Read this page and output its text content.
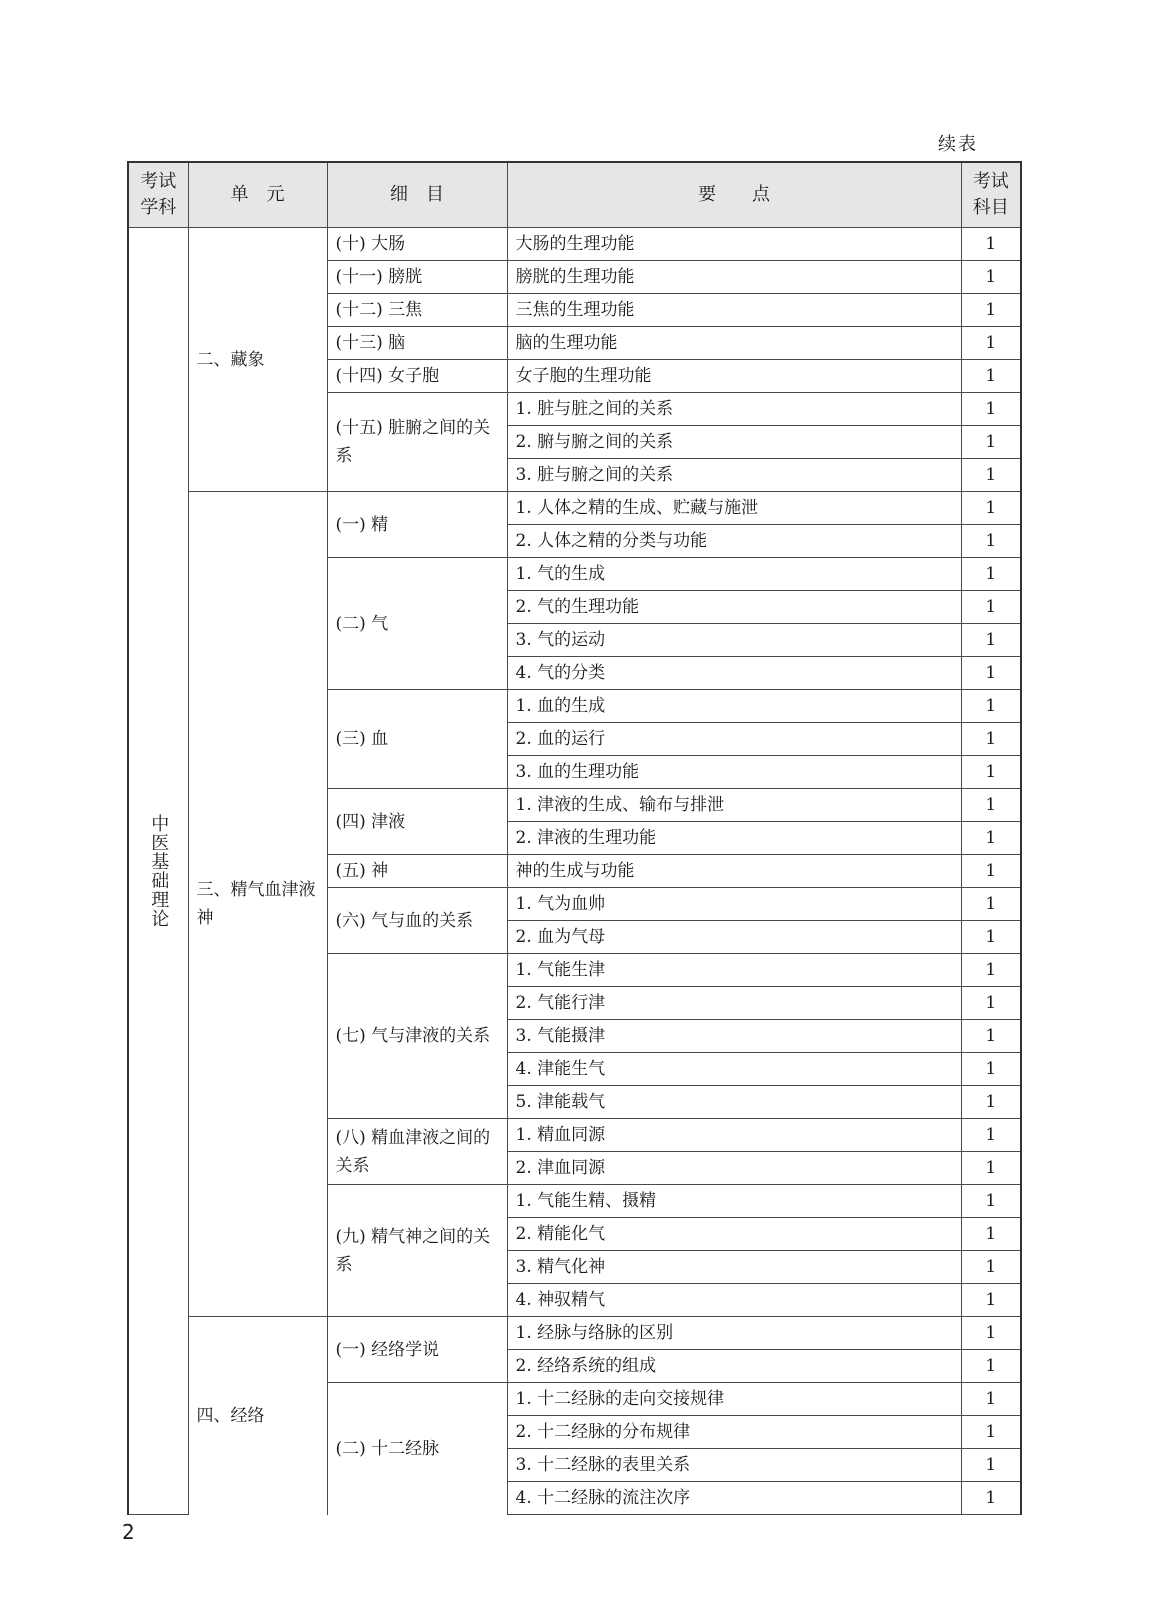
续表
考试学科	单　元	细　目	要　　点	考试科目
中医基础理论	二、藏象	(十) 大肠	大肠的生理功能	1
		(十一) 膀胱	膀胱的生理功能	1
		(十二) 三焦	三焦的生理功能	1
		(十三) 脑	脑的生理功能	1
		(十四) 女子胞	女子胞的生理功能	1
		(十五) 脏腑之间的关系	1. 脏与脏之间的关系	1
			2. 腑与腑之间的关系	1
			3. 脏与腑之间的关系	1
	三、精气血津液神	(一) 精	1. 人体之精的生成、贮藏与施泄	1
			2. 人体之精的分类与功能	1
		(二) 气	1. 气的生成	1
			2. 气的生理功能	1
			3. 气的运动	1
			4. 气的分类	1
		(三) 血	1. 血的生成	1
			2. 血的运行	1
			3. 血的生理功能	1
		(四) 津液	1. 津液的生成、输布与排泄	1
			2. 津液的生理功能	1
		(五) 神	神的生成与功能	1
		(六) 气与血的关系	1. 气为血帅	1
			2. 血为气母	1
		(七) 气与津液的关系	1. 气能生津	1
			2. 气能行津	1
			3. 气能摄津	1
			4. 津能生气	1
			5. 津能载气	1
		(八) 精血津液之间的关系	1. 精血同源	1
			2. 津血同源	1
		(九) 精气神之间的关系	1. 气能生精、摄精	1
			2. 精能化气	1
			3. 精气化神	1
			4. 神驭精气	1
	四、经络	(一) 经络学说	1. 经脉与络脉的区别	1
			2. 经络系统的组成	1
		(二) 十二经脉	1. 十二经脉的走向交接规律	1
			2. 十二经脉的分布规律	1
			3. 十二经脉的表里关系	1
			4. 十二经脉的流注次序	1
2
